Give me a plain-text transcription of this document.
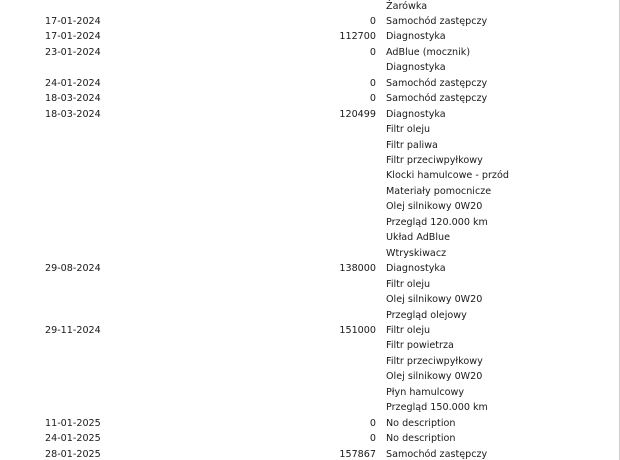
Żarówka
17-01-2024	0 Samochód zastępczy
17-01-2024	112700 Diagnostyka
23-01-2024	0 AdBlue (mocznik)
Diagnostyka
24-01-2024	0 Samochód zastępczy
18-03-2024	0 Samochód zastępczy
18-03-2024	120499 Diagnostyka
Filtr oleju
Filtr paliwa
Filtr przeciwpyłkowy
Klocki hamulcowe - przód
Materiały pomocnicze
Olej silnikowy 0W20
Przegląd 120.000 km
Układ AdBlue
Wtryskiwacz
29-08-2024	138000 Diagnostyka
Filtr oleju
Olej silnikowy 0W20
Przegląd olejowy
29-11-2024	151000 Filtr oleju
Filtr powietrza
Filtr przeciwpyłkowy
Olej silnikowy 0W20
Płyn hamulcowy
Przegląd 150.000 km
11-01-2025	0 No description
24-01-2025	0 No description
28-01-2025	157867 Samochód zastępczy
